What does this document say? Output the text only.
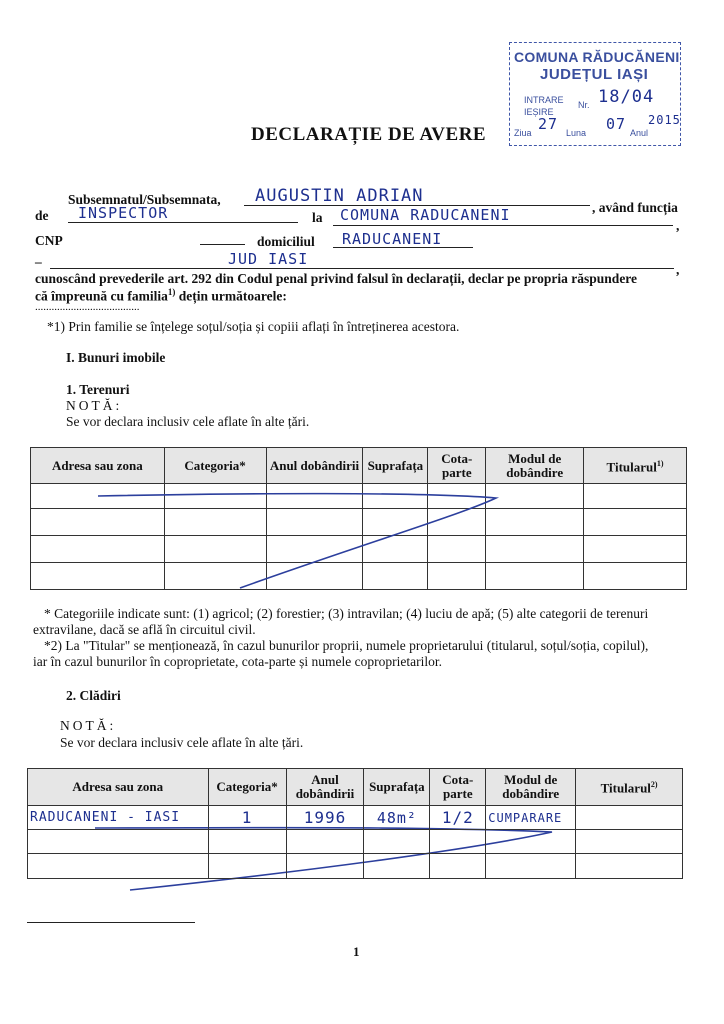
COMUNA RĂDUCĂNENI
JUDEȚUL IAȘI
INTRARE
IEȘIRE
Nr. 18/04
Ziua 27 Luna 07 Anul
2015
DECLARAȚIE DE AVERE
Subsemnatul/Subsemnata, AUGUSTIN ADRIAN
, având funcția
de INSPECTOR	la COMUNA RADUCANENI
,
CNP	domiciliul RADUCANENI
–	JUD IASI
,
cunoscând prevederile art. 292 din Codul penal privind falsul în declarații, declar pe propria răspundere
că împreună cu familia$^{1)}$ dețin următoarele:
......................................
*1) Prin familie se înțelege soțul/soția și copiii aflați în întreținerea acestora.
I. Bunuri imobile
1. Terenuri
NOTĂ:
Se vor declara inclusiv cele aflate în alte țări.
Adresa sau zona	Categoria*	Anul dobândirii	Suprafața	Cota-parte	Modul de dobândire	Titularul$^{1)}$

* Categoriile indicate sunt: (1) agricol; (2) forestier; (3) intravilan; (4) luciu de apă; (5) alte categorii de terenuri
extravilane, dacă se află în circuitul civil.
*2) La "Titular" se menționează, în cazul bunurilor proprii, numele proprietarului (titularul, soțul/soția, copilul),
iar în cazul bunurilor în coproprietate, cota-parte și numele coproprietarilor.
2. Clădiri
NOTĂ:
Se vor declara inclusiv cele aflate în alte țări.
Adresa sau zona	Categoria*	Anul dobândirii	Suprafața	Cota-parte	Modul de dobândire	Titularul$^{2)}$
RADUCANENI - IASI	1	1996	48m²	1/2	CUMPARARE	

1
